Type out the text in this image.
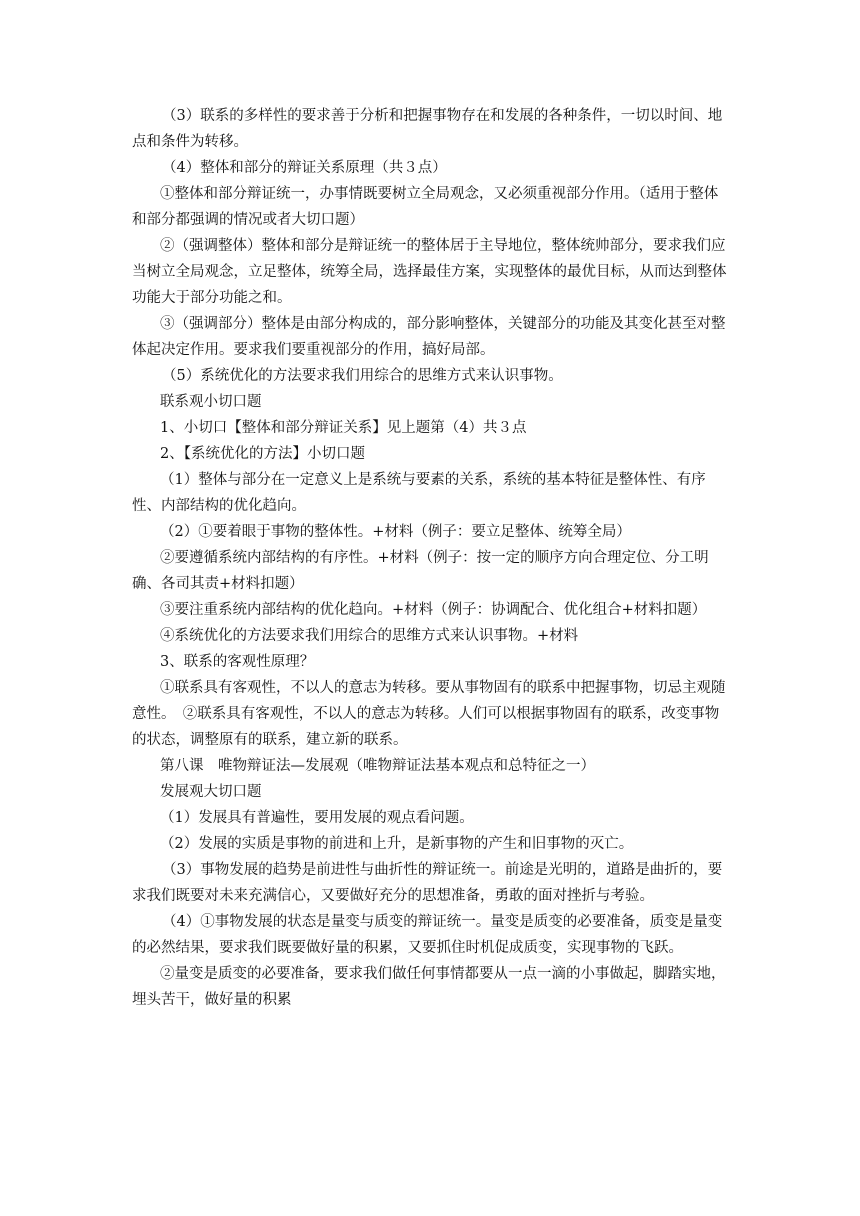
（3）联系的多样性的要求善于分析和把握事物存在和发展的各种条件，一切以时间、地点和条件为转移。

（4）整体和部分的辩证关系原理（共３点）

①整体和部分辩证统一，办事情既要树立全局观念，又必须重视部分作用。（适用于整体和部分都强调的情况或者大切口题）

②（强调整体）整体和部分是辩证统一的整体居于主导地位，整体统帅部分，要求我们应当树立全局观念，立足整体，统筹全局，选择最佳方案，实现整体的最优目标，从而达到整体功能大于部分功能之和。

③（强调部分）整体是由部分构成的，部分影响整体，关键部分的功能及其变化甚至对整体起决定作用。要求我们要重视部分的作用，搞好局部。

（5）系统优化的方法要求我们用综合的思维方式来认识事物。

联系观小切口题

1、小切口【整体和部分辩证关系】见上题第（4）共３点

2、【系统优化的方法】小切口题

（1）整体与部分在一定意义上是系统与要素的关系，系统的基本特征是整体性、有序性、内部结构的优化趋向。

（2）①要着眼于事物的整体性。+材料（例子：要立足整体、统筹全局）

②要遵循系统内部结构的有序性。+材料（例子：按一定的顺序方向合理定位、分工明确、各司其责+材料扣题）

③要注重系统内部结构的优化趋向。+材料（例子：协调配合、优化组合+材料扣题）

④系统优化的方法要求我们用综合的思维方式来认识事物。+材料

3、联系的客观性原理？

①联系具有客观性，不以人的意志为转移。要从事物固有的联系中把握事物，切忌主观随意性。　②联系具有客观性，不以人的意志为转移。人们可以根据事物固有的联系，改变事物的状态，调整原有的联系，建立新的联系。

第八课　唯物辩证法—发展观（唯物辩证法基本观点和总特征之一）

发展观大切口题

（1）发展具有普遍性，要用发展的观点看问题。

（2）发展的实质是事物的前进和上升，是新事物的产生和旧事物的灭亡。

（3）事物发展的趋势是前进性与曲折性的辩证统一。前途是光明的，道路是曲折的，要求我们既要对未来充满信心，又要做好充分的思想准备，勇敢的面对挫折与考验。

（4）①事物发展的状态是量变与质变的辩证统一。量变是质变的必要准备，质变是量变的必然结果，要求我们既要做好量的积累，又要抓住时机促成质变，实现事物的飞跃。

②量变是质变的必要准备，要求我们做任何事情都要从一点一滴的小事做起，脚踏实地，埋头苦干，做好量的积累
